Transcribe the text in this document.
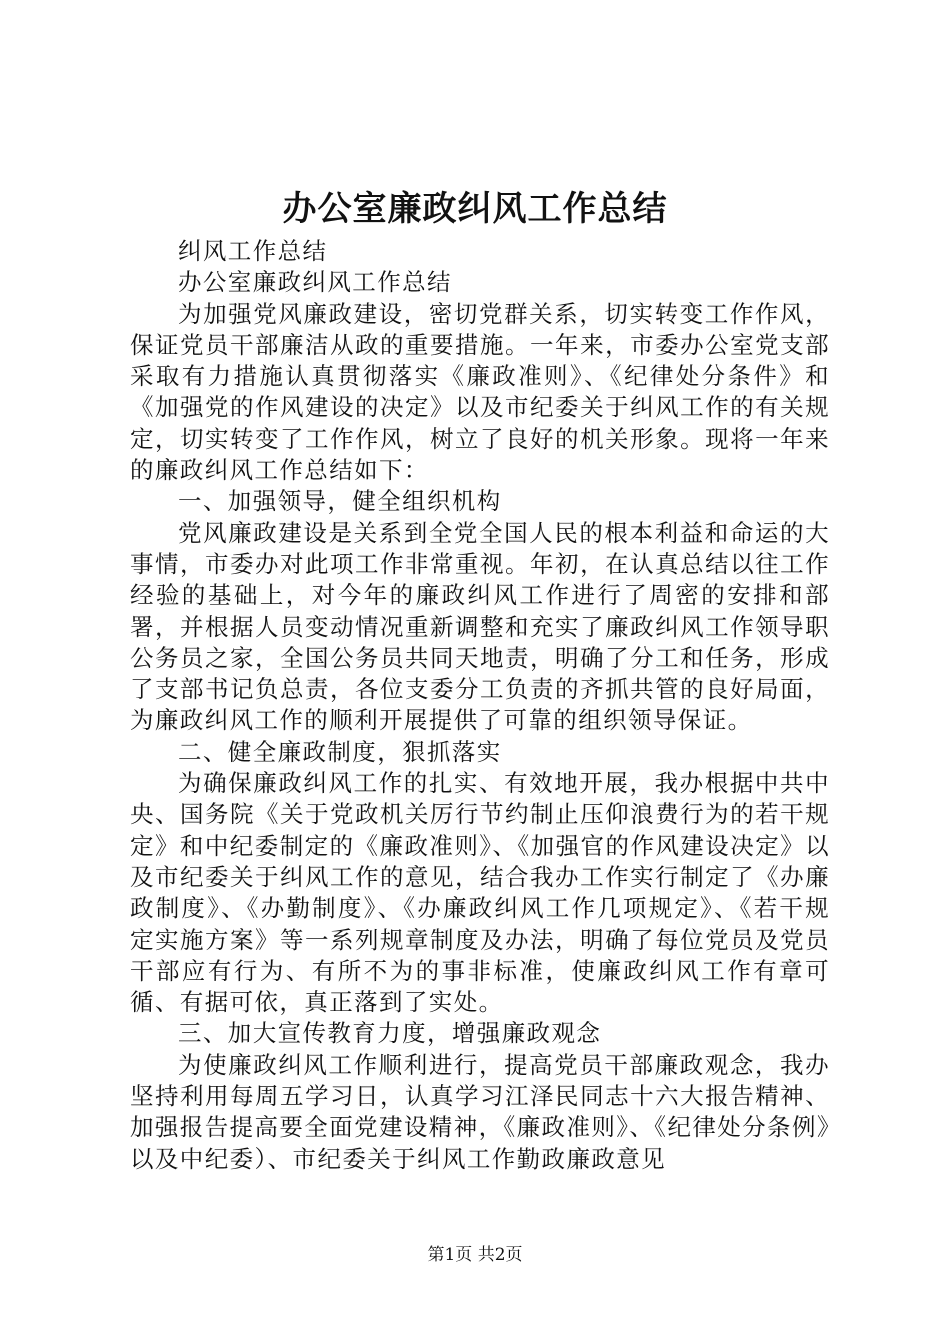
办公室廉政纠风工作总结

纠风工作总结

办公室廉政纠风工作总结

为加强党风廉政建设，密切党群关系，切实转变工作作风，保证党员干部廉洁从政的重要措施。一年来，市委办公室党支部采取有力措施认真贯彻落实《廉政准则》、《纪律处分条件》和《加强党的作风建设的决定》以及市纪委关于纠风工作的有关规定，切实转变了工作作风，树立了良好的机关形象。现将一年来的廉政纠风工作总结如下：

一、加强领导，健全组织机构

党风廉政建设是关系到全党全国人民的根本利益和命运的大事情，市委办对此项工作非常重视。年初，在认真总结以往工作经验的基础上，对今年的廉政纠风工作进行了周密的安排和部署，并根据人员变动情况重新调整和充实了廉政纠风工作领导职公务员之家，全国公务员共同天地责，明确了分工和任务，形成了支部书记负总责，各位支委分工负责的齐抓共管的良好局面，为廉政纠风工作的顺利开展提供了可靠的组织领导保证。

二、健全廉政制度，狠抓落实

为确保廉政纠风工作的扎实、有效地开展，我办根据中共中央、国务院《关于党政机关厉行节约制止压仰浪费行为的若干规定》和中纪委制定的《廉政准则》、《加强官的作风建设决定》以及市纪委关于纠风工作的意见，结合我办工作实行制定了《办廉政制度》、《办勤制度》、《办廉政纠风工作几项规定》、《若干规定实施方案》等一系列规章制度及办法，明确了每位党员及党员干部应有行为、有所不为的事非标准，使廉政纠风工作有章可循、有据可依，真正落到了实处。

三、加大宣传教育力度，增强廉政观念

为使廉政纠风工作顺利进行，提高党员干部廉政观念，我办坚持利用每周五学习日，认真学习江泽民同志十六大报告精神、加强报告提高要全面党建设精神，《廉政准则》、《纪律处分条例》以及中纪委）、市纪委关于纠风工作勤政廉政意见

第1页 共2页
